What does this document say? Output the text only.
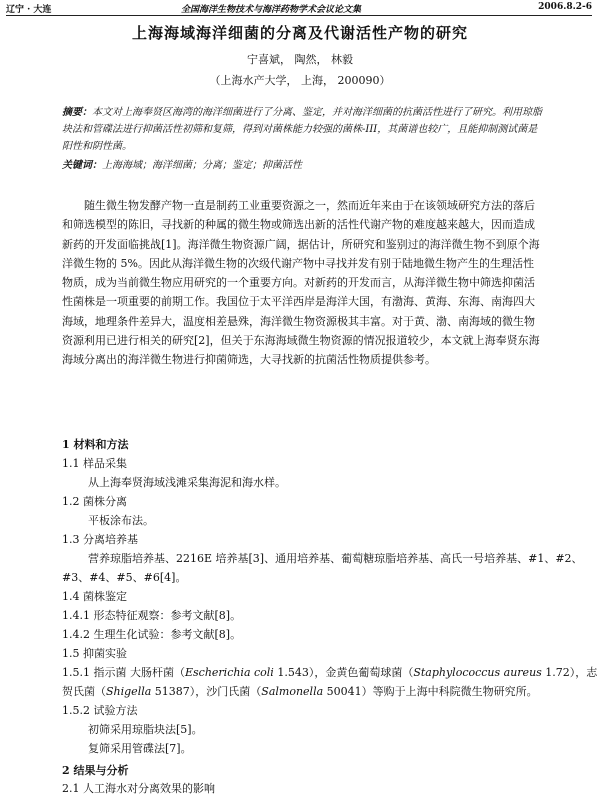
辽宁 · 大连	全国海洋生物技术与海洋药物学术会议论文集	2006.8.2-6
上海海域海洋细菌的分离及代谢活性产物的研究
宁喜斌， 陶然， 林毅
（上海水产大学， 上海， 200090）
摘要：本文对上海奉贤区海湾的海洋细菌进行了分离、鉴定，并对海洋细菌的抗菌活性进行了研究。利用琼脂块法和管碟法进行抑菌活性初筛和复筛，得到对菌株能力较强的菌株-III，其菌谱也较广，且能抑制测试菌是阳性和阴性菌。
关键词：上海海域；海洋细菌；分离；鉴定；抑菌活性

随生微生物发酵产物一直是制药工业重要资源之一，然而近年来由于在该领域研究方法的落后和筛选模型的陈旧，寻找新的种属的微生物或筛选出新的活性代谢产物的难度越来越大，因而造成新药的开发面临挑战[1]。海洋微生物资源广阔，据估计，所研究和鉴别过的海洋微生物不到原个海洋微生物的 5%。因此从海洋微生物的次级代谢产物中寻找并发有别于陆地微生物产生的生理活性物质，成为当前微生物应用研究的一个重要方向。对新药的开发而言，从海洋微生物中筛选抑菌活性菌株是一项重要的前期工作。我国位于太平洋西岸是海洋大国，有渤海、黄海、东海、南海四大海域，地理条件差异大，温度相差悬殊，海洋微生物资源极其丰富。对于黄、渤、南海域的微生物资源利用已进行相关的研究[2]，但关于东海海域微生物资源的情况报道较少，本文就上海奉贤东海海域分离出的海洋微生物进行抑菌筛选，大寻找新的抗菌活性物质提供参考。

1 材料和方法
1.1 样品采集
从上海奉贤海域浅滩采集海泥和海水样。
1.2 菌株分离
平板涂布法。
1.3 分离培养基
营养琼脂培养基、2216E 培养基[3]、通用培养基、葡萄糖琼脂培养基、高氏一号培养基、#1、#2、
#3、#4、#5、#6[4]。
1.4 菌株鉴定
1.4.1 形态特征观察：参考文献[8]。
1.4.2 生理生化试验：参考文献[8]。
1.5 抑菌实验
1.5.1 指示菌 大肠杆菌（Escherichia coli 1.543），金黄色葡萄球菌（Staphylococcus aureus 1.72），志
贺氏菌（Shigella 51387），沙门氏菌（Salmonella 50041）等购于上海中科院微生物研究所。
1.5.2 试验方法
初筛采用琼脂块法[5]。
复筛采用管碟法[7]。
2 结果与分析
2.1 人工海水对分离效果的影响
